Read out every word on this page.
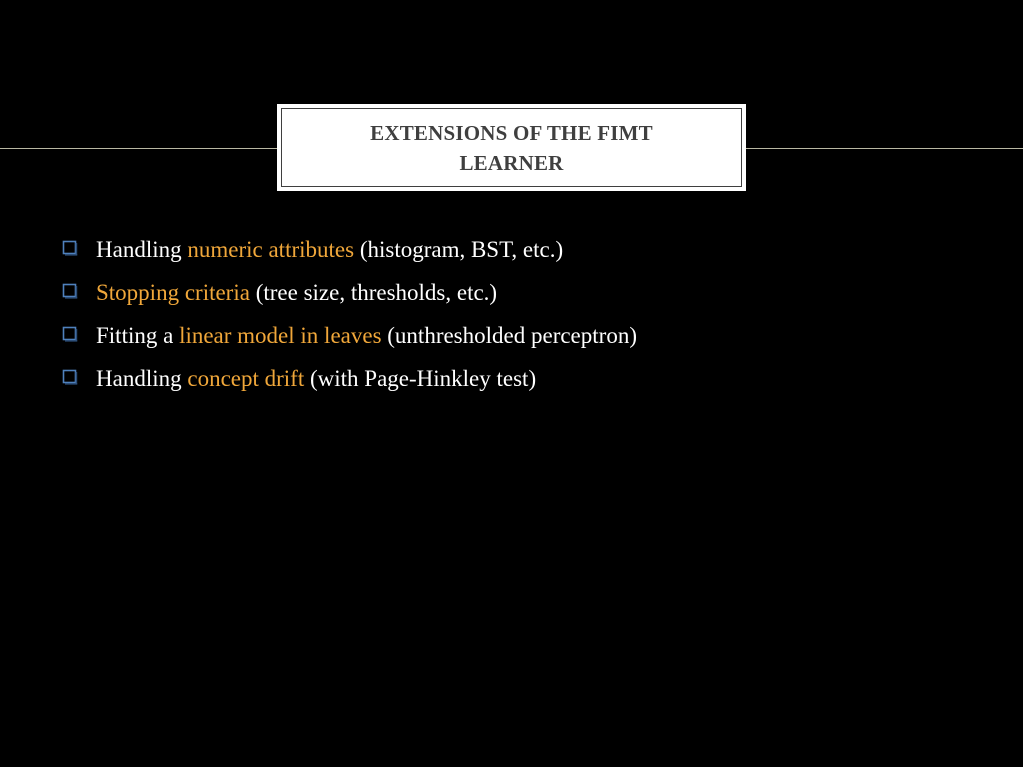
EXTENSIONS OF THE FIMT
LEARNER
Handling numeric attributes (histogram, BST, etc.)
Stopping criteria (tree size, thresholds, etc.)
Fitting a linear model in leaves (unthresholded perceptron)
Handling concept drift (with Page-Hinkley test)
